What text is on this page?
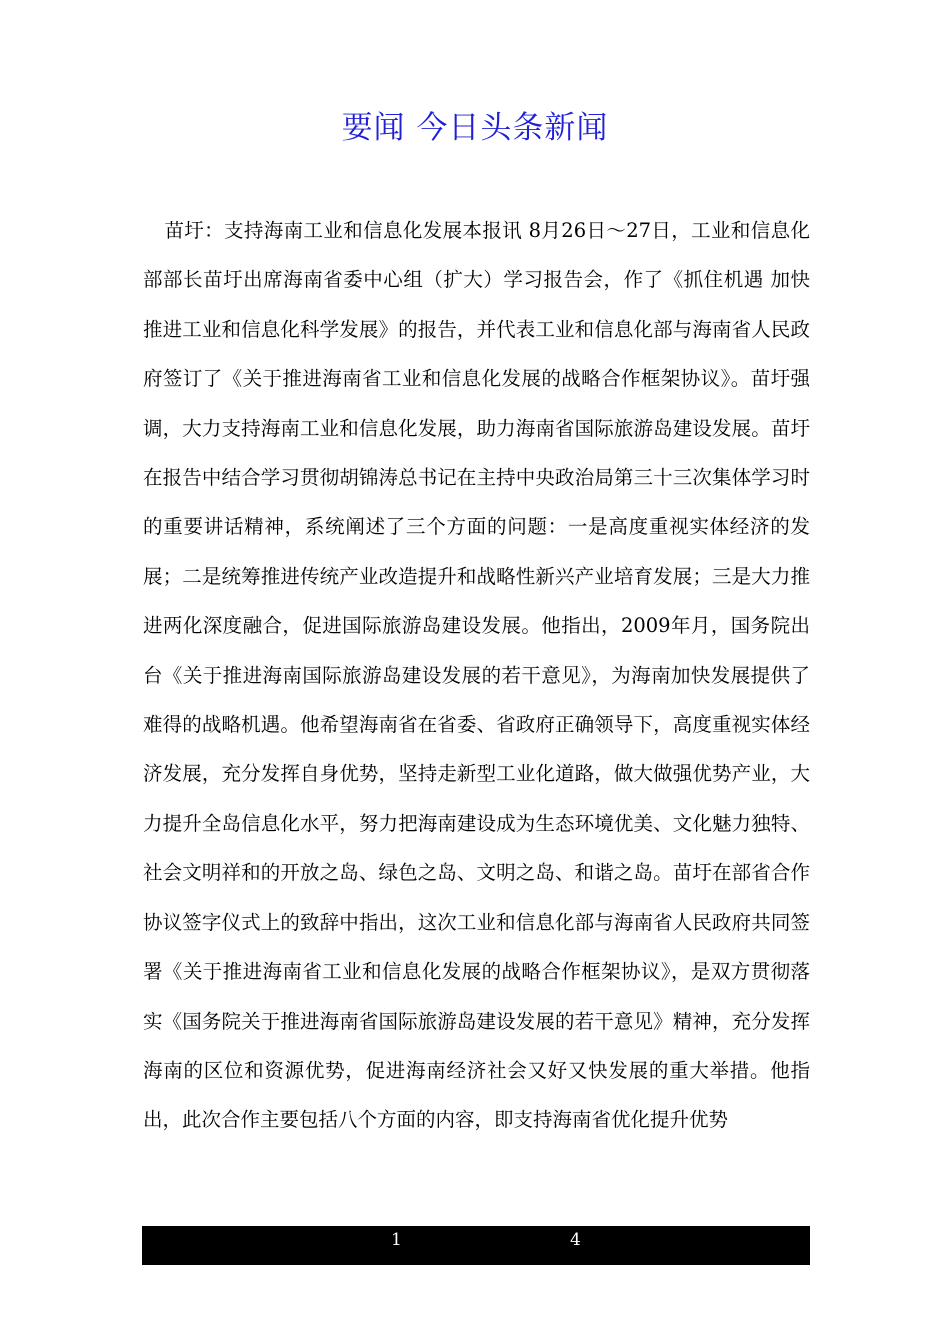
要闻 今日头条新闻

苗圩：支持海南工业和信息化发展本报讯 8月26日～27日，工业和信息化部部长苗圩出席海南省委中心组（扩大）学习报告会，作了《抓住机遇 加快推进工业和信息化科学发展》的报告，并代表工业和信息化部与海南省人民政府签订了《关于推进海南省工业和信息化发展的战略合作框架协议》。苗圩强调，大力支持海南工业和信息化发展，助力海南省国际旅游岛建设发展。苗圩在报告中结合学习贯彻胡锦涛总书记在主持中央政治局第三十三次集体学习时的重要讲话精神，系统阐述了三个方面的问题：一是高度重视实体经济的发展；二是统筹推进传统产业改造提升和战略性新兴产业培育发展；三是大力推进两化深度融合，促进国际旅游岛建设发展。他指出，2009年月，国务院出台《关于推进海南国际旅游岛建设发展的若干意见》，为海南加快发展提供了难得的战略机遇。他希望海南省在省委、省政府正确领导下，高度重视实体经济发展，充分发挥自身优势，坚持走新型工业化道路，做大做强优势产业，大力提升全岛信息化水平，努力把海南建设成为生态环境优美、文化魅力独特、社会文明祥和的开放之岛、绿色之岛、文明之岛、和谐之岛。苗圩在部省合作协议签字仪式上的致辞中指出，这次工业和信息化部与海南省人民政府共同签署《关于推进海南省工业和信息化发展的战略合作框架协议》，是双方贯彻落实《国务院关于推进海南省国际旅游岛建设发展的若干意见》精神，充分发挥海南的区位和资源优势，促进海南经济社会又好又快发展的重大举措。他指出，此次合作主要包括八个方面的内容，即支持海南省优化提升优势

1	4
